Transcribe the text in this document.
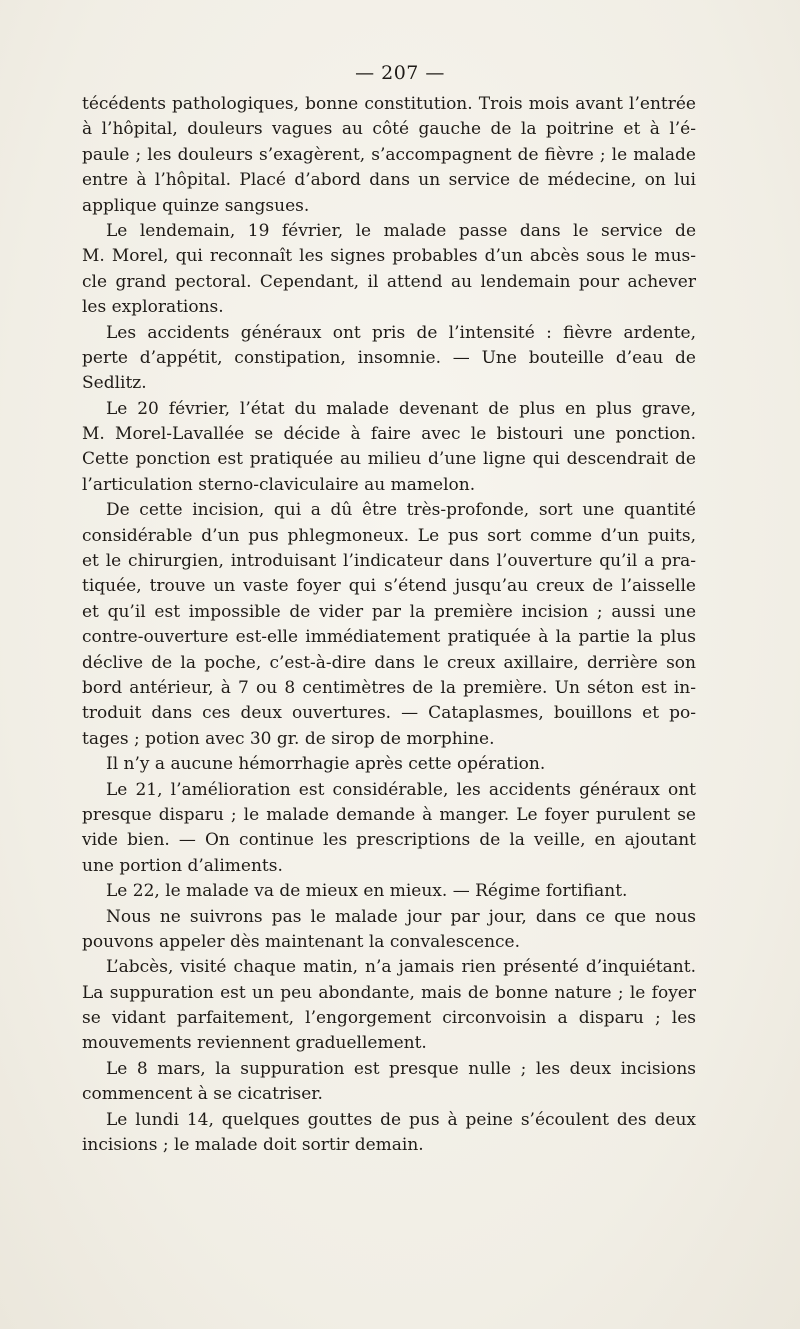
— 207 —
técédents pathologiques, bonne constitution. Trois mois avant l’entrée
à l’hôpital, douleurs vagues au côté gauche de la poitrine et à l’é-
paule ; les douleurs s’exagèrent, s’accompagnent de fièvre ; le malade
entre à l’hôpital. Placé d’abord dans un service de médecine, on lui
applique quinze sangsues.
Le lendemain, 19 février, le malade passe dans le service de
M. Morel, qui reconnaît les signes probables d’un abcès sous le mus-
cle grand pectoral. Cependant, il attend au lendemain pour achever
les explorations.
Les accidents généraux ont pris de l’intensité : fièvre ardente,
perte d’appétit, constipation, insomnie. — Une bouteille d’eau de
Sedlitz.
Le 20 février, l’état du malade devenant de plus en plus grave,
M. Morel-Lavallée se décide à faire avec le bistouri une ponction.
Cette ponction est pratiquée au milieu d’une ligne qui descendrait de
l’articulation sterno-claviculaire au mamelon.
De cette incision, qui a dû être très-profonde, sort une quantité
considérable d’un pus phlegmoneux. Le pus sort comme d’un puits,
et le chirurgien, introduisant l’indicateur dans l’ouverture qu’il a pra-
tiquée, trouve un vaste foyer qui s’étend jusqu’au creux de l’aisselle
et qu’il est impossible de vider par la première incision ; aussi une
contre-ouverture est-elle immédiatement pratiquée à la partie la plus
déclive de la poche, c’est-à-dire dans le creux axillaire, derrière son
bord antérieur, à 7 ou 8 centimètres de la première. Un séton est in-
troduit dans ces deux ouvertures. — Cataplasmes, bouillons et po-
tages ; potion avec 30 gr. de sirop de morphine.
Il n’y a aucune hémorrhagie après cette opération.
Le 21, l’amélioration est considérable, les accidents généraux ont
presque disparu ; le malade demande à manger. Le foyer purulent se
vide bien. — On continue les prescriptions de la veille, en ajoutant
une portion d’aliments.
Le 22, le malade va de mieux en mieux. — Régime fortifiant.
Nous ne suivrons pas le malade jour par jour, dans ce que nous
pouvons appeler dès maintenant la convalescence.
L’abcès, visité chaque matin, n’a jamais rien présenté d’inquiétant.
La suppuration est un peu abondante, mais de bonne nature ; le foyer
se vidant parfaitement, l’engorgement circonvoisin a disparu ; les
mouvements reviennent graduellement.
Le 8 mars, la suppuration est presque nulle ; les deux incisions
commencent à se cicatriser.
Le lundi 14, quelques gouttes de pus à peine s’écoulent des deux
incisions ; le malade doit sortir demain.
